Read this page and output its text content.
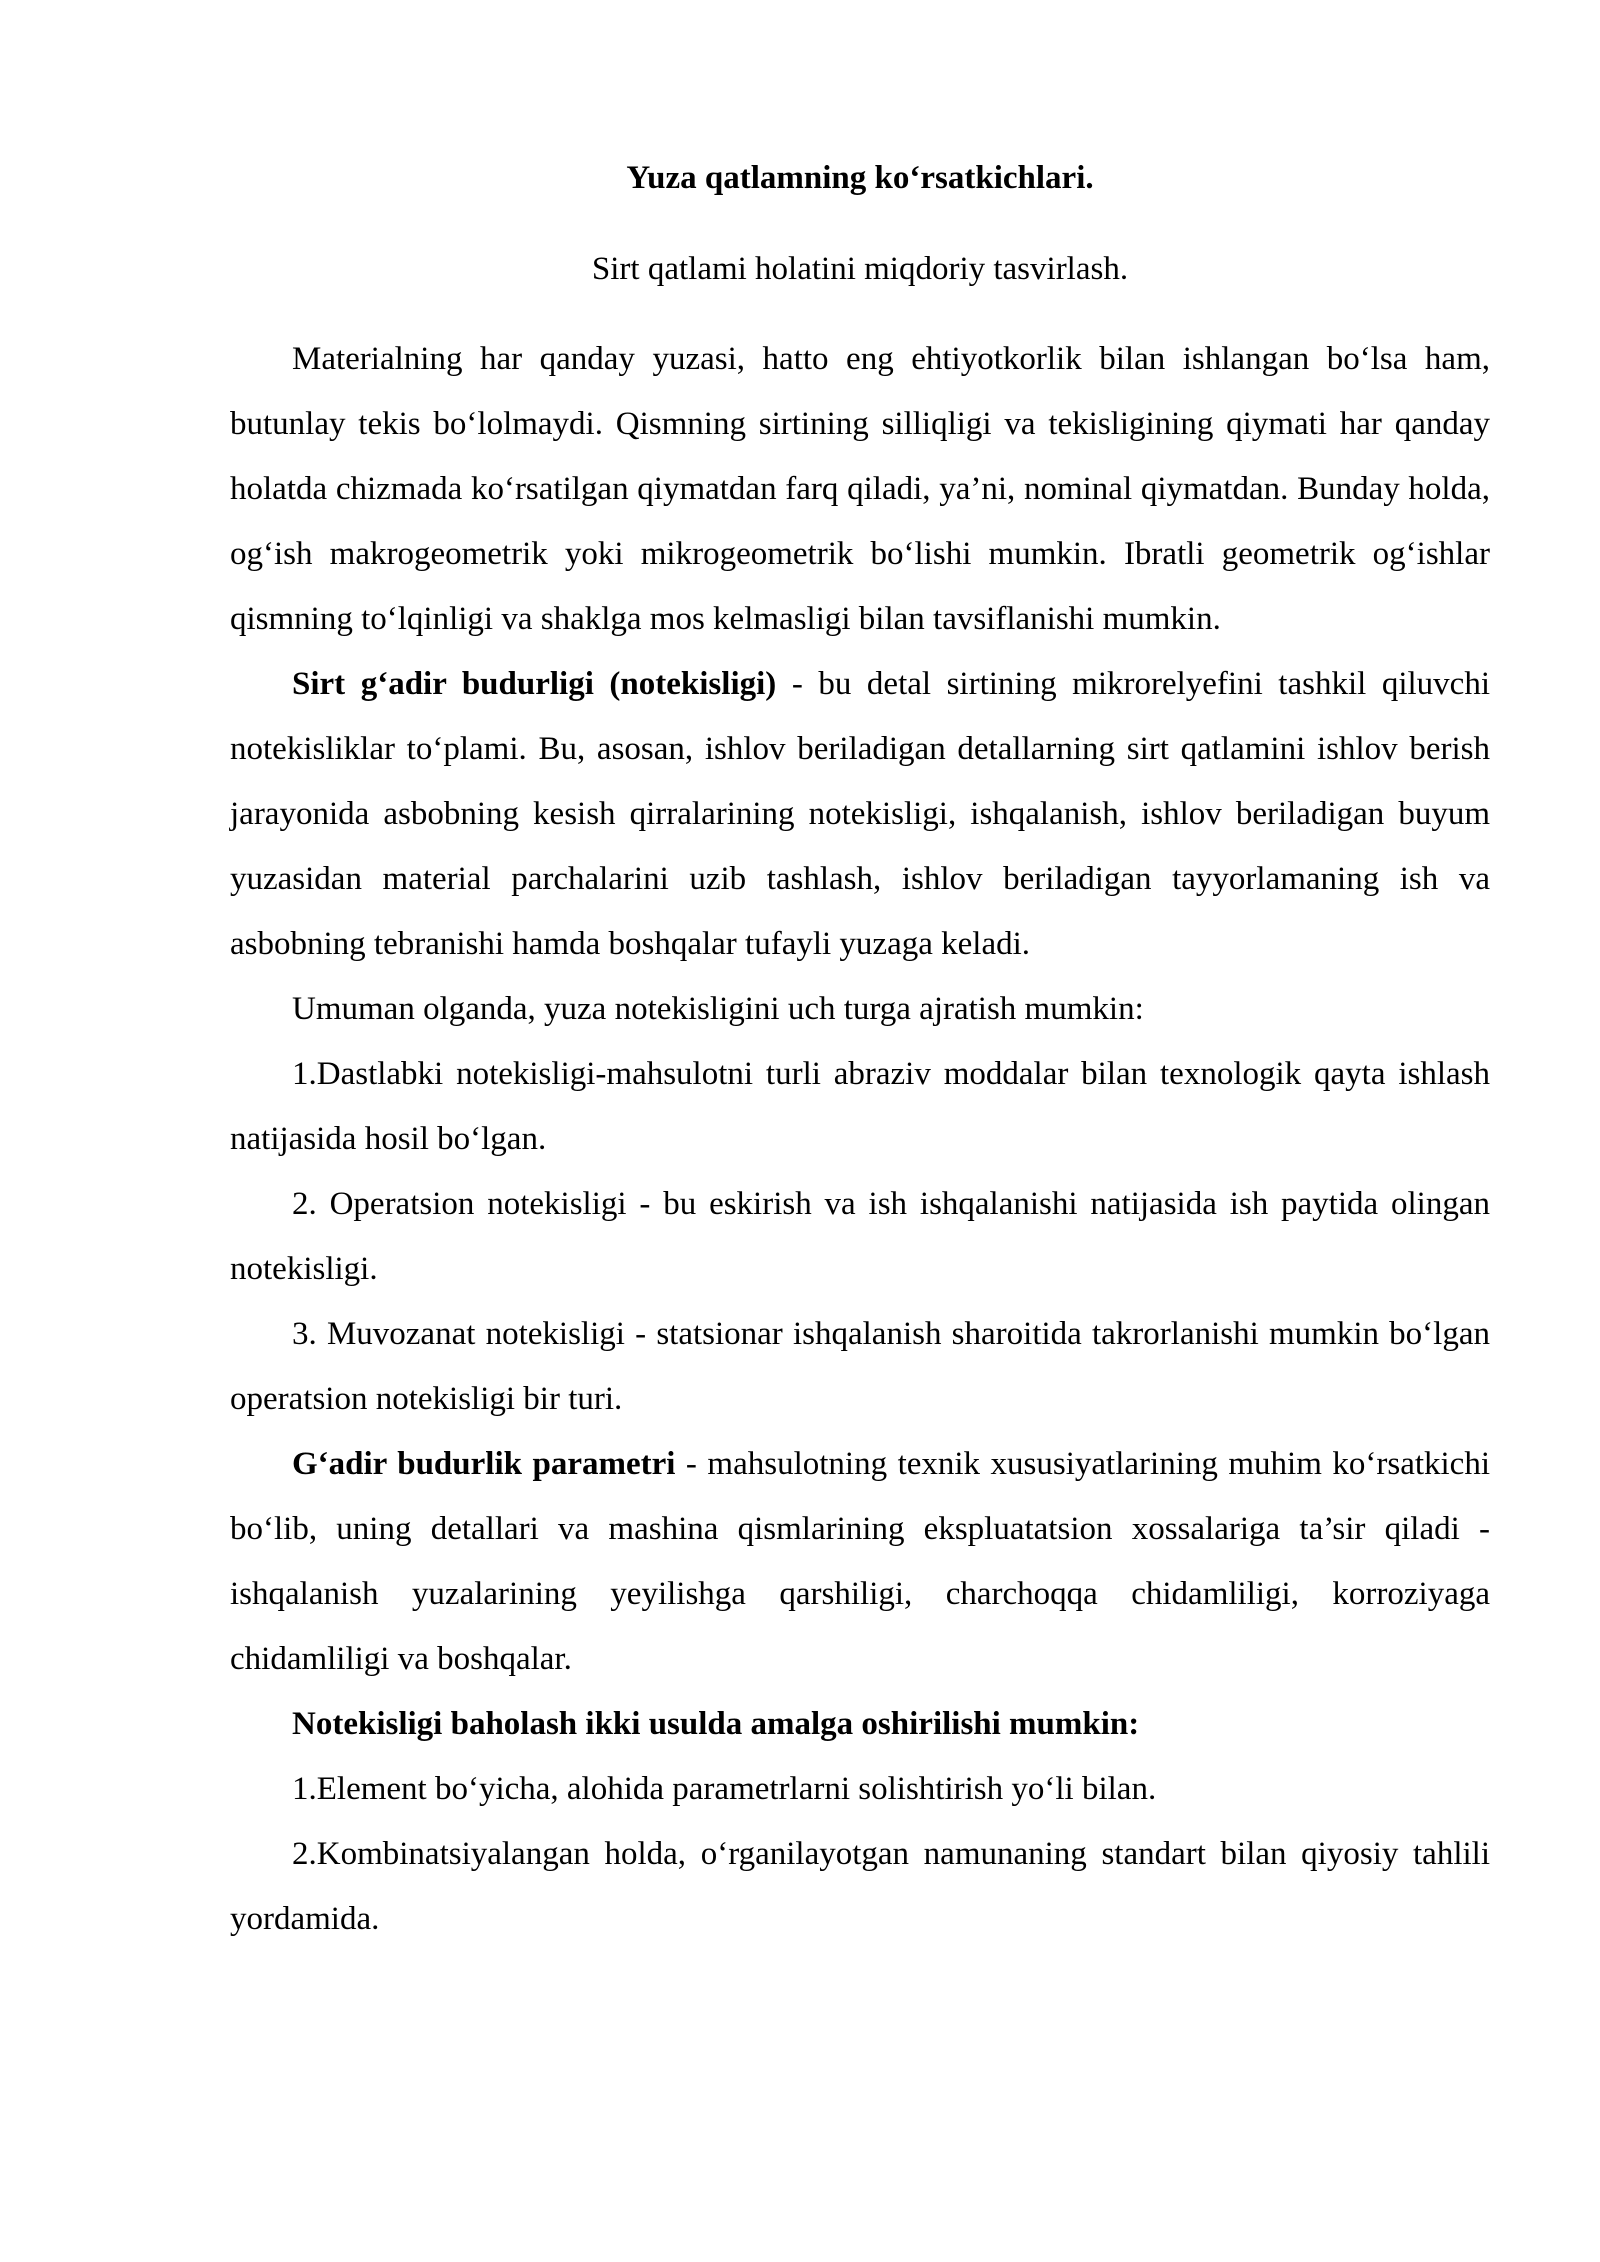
Yuza qatlamning ko‘rsatkichlari.

Sirt qatlami holatini miqdoriy tasvirlash.

Materialning har qanday yuzasi, hatto eng ehtiyotkorlik bilan ishlangan bo‘lsa ham, butunlay tekis bo‘lolmaydi. Qismning sirtining silliqligi va tekisligining qiymati har qanday holatda chizmada ko‘rsatilgan qiymatdan farq qiladi, ya’ni, nominal qiymatdan. Bunday holda, og‘ish makrogeometrik yoki mikrogeometrik bo‘lishi mumkin. Ibratli geometrik og‘ishlar qismning to‘lqinligi va shaklga mos kelmasligi bilan tavsiflanishi mumkin.

Sirt g‘adir budurligi (notekisligi) - bu detal sirtining mikrorelyefini tashkil qiluvchi notekisliklar to‘plami. Bu, asosan, ishlov beriladigan detallarning sirt qatlamini ishlov berish jarayonida asbobning kesish qirralarining notekisligi, ishqalanish, ishlov beriladigan buyum yuzasidan material parchalarini uzib tashlash, ishlov beriladigan tayyorlamaning ish va asbobning tebranishi hamda boshqalar tufayli yuzaga keladi.

Umuman olganda, yuza notekisligini uch turga ajratish mumkin:

1.Dastlabki notekisligi-mahsulotni turli abraziv moddalar bilan texnologik qayta ishlash natijasida hosil bo‘lgan.

2. Operatsion notekisligi - bu eskirish va ish ishqalanishi natijasida ish paytida olingan notekisligi.

3. Muvozanat notekisligi - statsionar ishqalanish sharoitida takrorlanishi mumkin bo‘lgan operatsion notekisligi bir turi.

G‘adir budurlik parametri - mahsulotning texnik xususiyatlarining muhim ko‘rsatkichi bo‘lib, uning detallari va mashina qismlarining ekspluatatsion xossalariga ta’sir qiladi - ishqalanish yuzalarining yeyilishga qarshiligi, charchoqqa chidamliligi, korroziyaga chidamliligi va boshqalar.

Notekisligi baholash ikki usulda amalga oshirilishi mumkin:

1.Element bo‘yicha, alohida parametrlarni solishtirish yo‘li bilan.

2.Kombinatsiyalangan holda, o‘rganilayotgan namunaning standart bilan qiyosiy tahlili yordamida.
